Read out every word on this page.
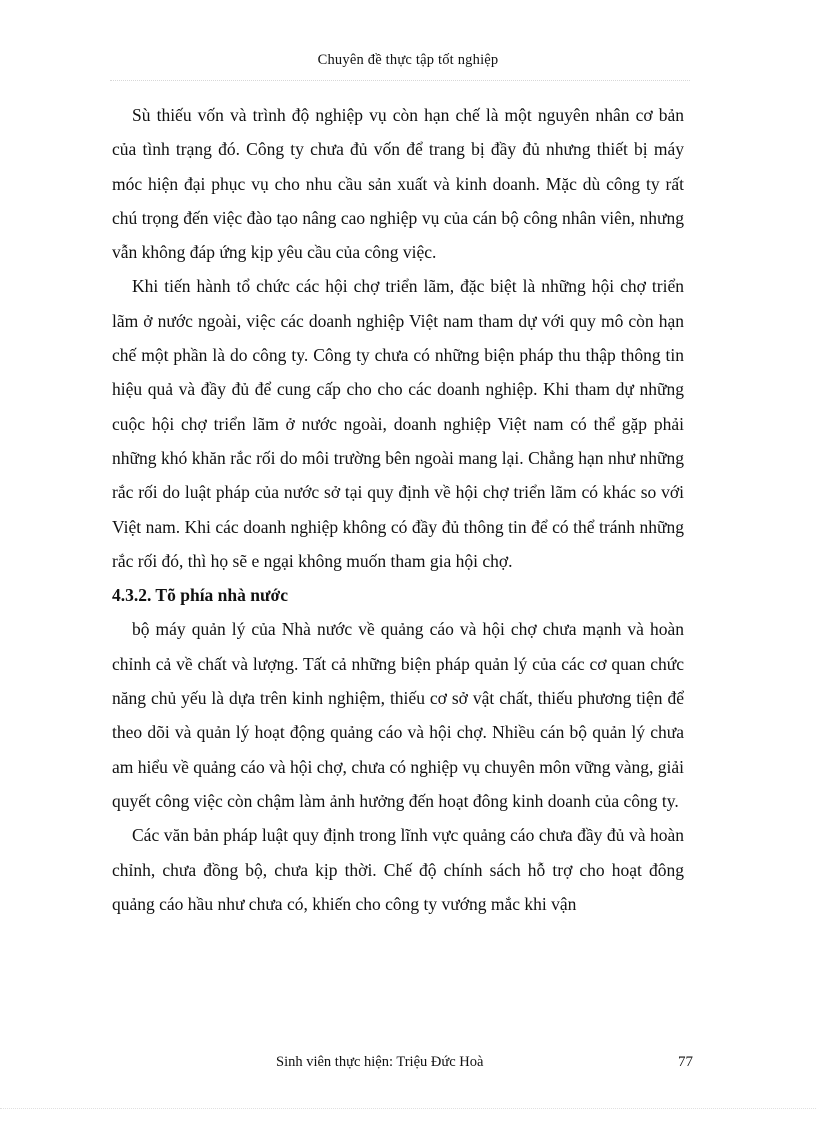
Chuyên đề thực tập tốt nghiệp

Sù thiếu vốn và trình độ nghiệp vụ còn hạn chế là một nguyên nhân cơ bản của tình trạng đó. Công ty chưa đủ vốn để trang bị đầy đủ nhưng thiết bị máy móc hiện đại phục vụ cho nhu cầu sản xuất và kinh doanh. Mặc dù công ty rất chú trọng đến việc đào tạo nâng cao nghiệp vụ của cán bộ công nhân viên, nhưng vẫn không đáp ứng kịp yêu cầu của công việc.

Khi tiến hành tổ chức các hội chợ triển lãm, đặc biệt là những hội chợ triển lãm ở nước ngoài, việc các doanh nghiệp Việt nam tham dự với quy mô còn hạn chế một phần là do công ty. Công ty chưa có những biện pháp thu thập thông tin hiệu quả và đầy đủ để cung cấp cho cho các doanh nghiệp. Khi tham dự những cuộc hội chợ triển lãm ở nước ngoài, doanh nghiệp Việt nam có thể gặp phải những khó khăn rắc rối do môi trường bên ngoài mang lại. Chẳng hạn như những rắc rối do luật pháp của nước sở tại quy định về hội chợ triển lãm có khác so với Việt nam. Khi các doanh nghiệp không có đầy đủ thông tin để có thể tránh những rắc rối đó, thì họ sẽ e ngại không muốn tham gia hội chợ.

4.3.2. Tõ phía nhà nước

bộ máy quản lý của Nhà nước về quảng cáo và hội chợ chưa mạnh và hoàn chỉnh cả về chất và lượng. Tất cả những biện pháp quản lý của các cơ quan chức năng chủ yếu là dựa trên kinh nghiệm, thiếu cơ sở vật chất, thiếu phương tiện để theo dõi và quản lý hoạt động quảng cáo và hội chợ. Nhiều cán bộ quản lý chưa am hiểu về quảng cáo và hội chợ, chưa có nghiệp vụ chuyên môn vững vàng, giải quyết công việc còn chậm làm ảnh hưởng đến hoạt đông kinh doanh của công ty.

Các văn bản pháp luật quy định trong lĩnh vực quảng cáo chưa đầy đủ và hoàn chỉnh, chưa đồng bộ, chưa kịp thời. Chế độ chính sách hỗ trợ cho hoạt đông quảng cáo hầu như chưa có, khiến cho công ty vướng mắc khi vận

Sinh viên thực hiện: Triệu Đức Hoà	77
